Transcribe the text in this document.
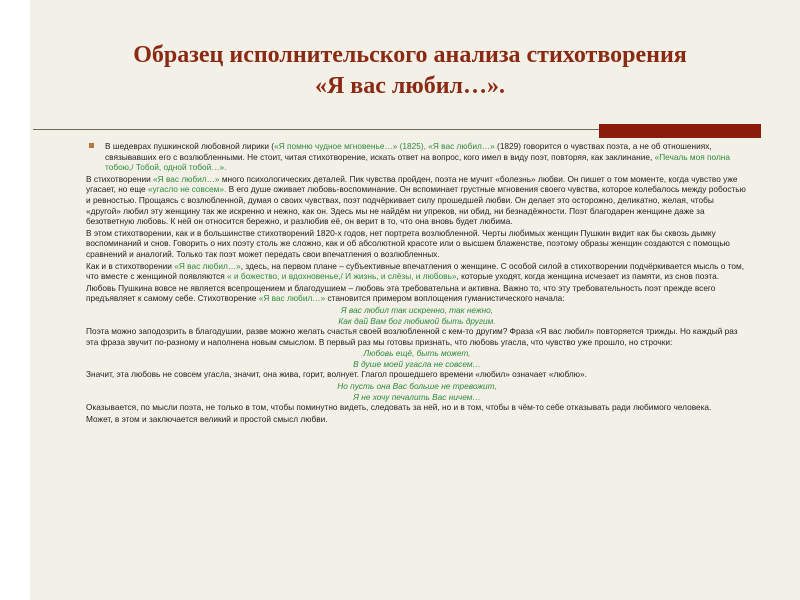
Образец исполнительского анализа стихотворения
«Я вас любил…».

В шедеврах пушкинской любовной лирики («Я помню чудное мгновенье…» (1825), «Я вас любил…» (1829) говорится о чувствах поэта, а не об отношениях, связывавших его с возлюбленными. Не стоит, читая стихотворение, искать ответ на вопрос, кого имел в виду поэт, повторяя, как заклинание, «Печаль моя полна тобою,/ Тобой, одной тобой…».

В стихотворении «Я вас любил…» много психологических деталей. Пик чувства пройден, поэта не мучит «болезнь» любви. Он пишет о том моменте, когда чувство уже угасает, но еще «угасло не совсем». В его душе оживает любовь-воспоминание. Он вспоминает грустные мгновения своего чувства, которое колебалось между робостью и ревностью. Прощаясь с возлюбленной, думая о своих чувствах, поэт подчёркивает силу прошедшей любви. Он делает это осторожно, деликатно, желая, чтобы «другой» любил эту женщину так же искренно и нежно, как он. Здесь мы не найдём ни упреков, ни обид, ни безнадёжности. Поэт благодарен женщине даже за безответную любовь. К ней он относится бережно, и разлюбив её, он верит в то, что она вновь будет любима.

В этом стихотворении, как и в большинстве стихотворений 1820-х годов, нет портрета возлюбленной. Черты любимых женщин Пушкин видит как бы сквозь дымку воспоминаний и снов. Говорить о них поэту столь же сложно, как и об абсолютной красоте или о высшем блаженстве, поэтому образы женщин создаются с помощью сравнений и аналогий. Только так поэт может передать свои впечатления о возлюбленных.

Как и в стихотворении «Я вас любил…», здесь, на первом плане – субъективные впечатления о женщине. С особой силой в стихотворении подчёркивается мысль о том, что вместе с женщиной появляются « и божество, и вдохновенье,/ И жизнь, и слёзы, и любовь», которые уходят, когда женщина исчезает из памяти, из снов поэта.

Любовь Пушкина вовсе не является всепрощением и благодушием – любовь эта требовательна и активна. Важно то, что эту требовательность поэт прежде всего предъявляет к самому себе. Стихотворение «Я вас любил…» становится примером воплощения гуманистического начала:

Я вас любил так искренно, так нежно,
Как дай Вам бог любимой быть другим.

Поэта можно заподозрить в благодушии, разве можно желать счастья своей возлюбленной с кем-то другим? Фраза «Я вас любил» повторяется трижды. Но каждый раз эта фраза звучит по-разному и наполнена новым смыслом. В первый раз мы готовы признать, что любовь угасла, что чувство уже прошло, но строчки:

Любовь ещё, быть может,
В душе моей угасла не совсем…

Значит, эта любовь не совсем угасла, значит, она жива, горит, волнует. Глагол прошедшего времени «любил» означает «люблю».

Но пусть она Вас больше не тревожит,
Я не хочу печалить Вас ничем…

Оказывается, по мысли поэта, не только в том, чтобы поминутно видеть, следовать за ней, но и в том, чтобы в чём-то себе отказывать ради любимого человека.

Может, в этом и заключается великий и простой смысл любви.
